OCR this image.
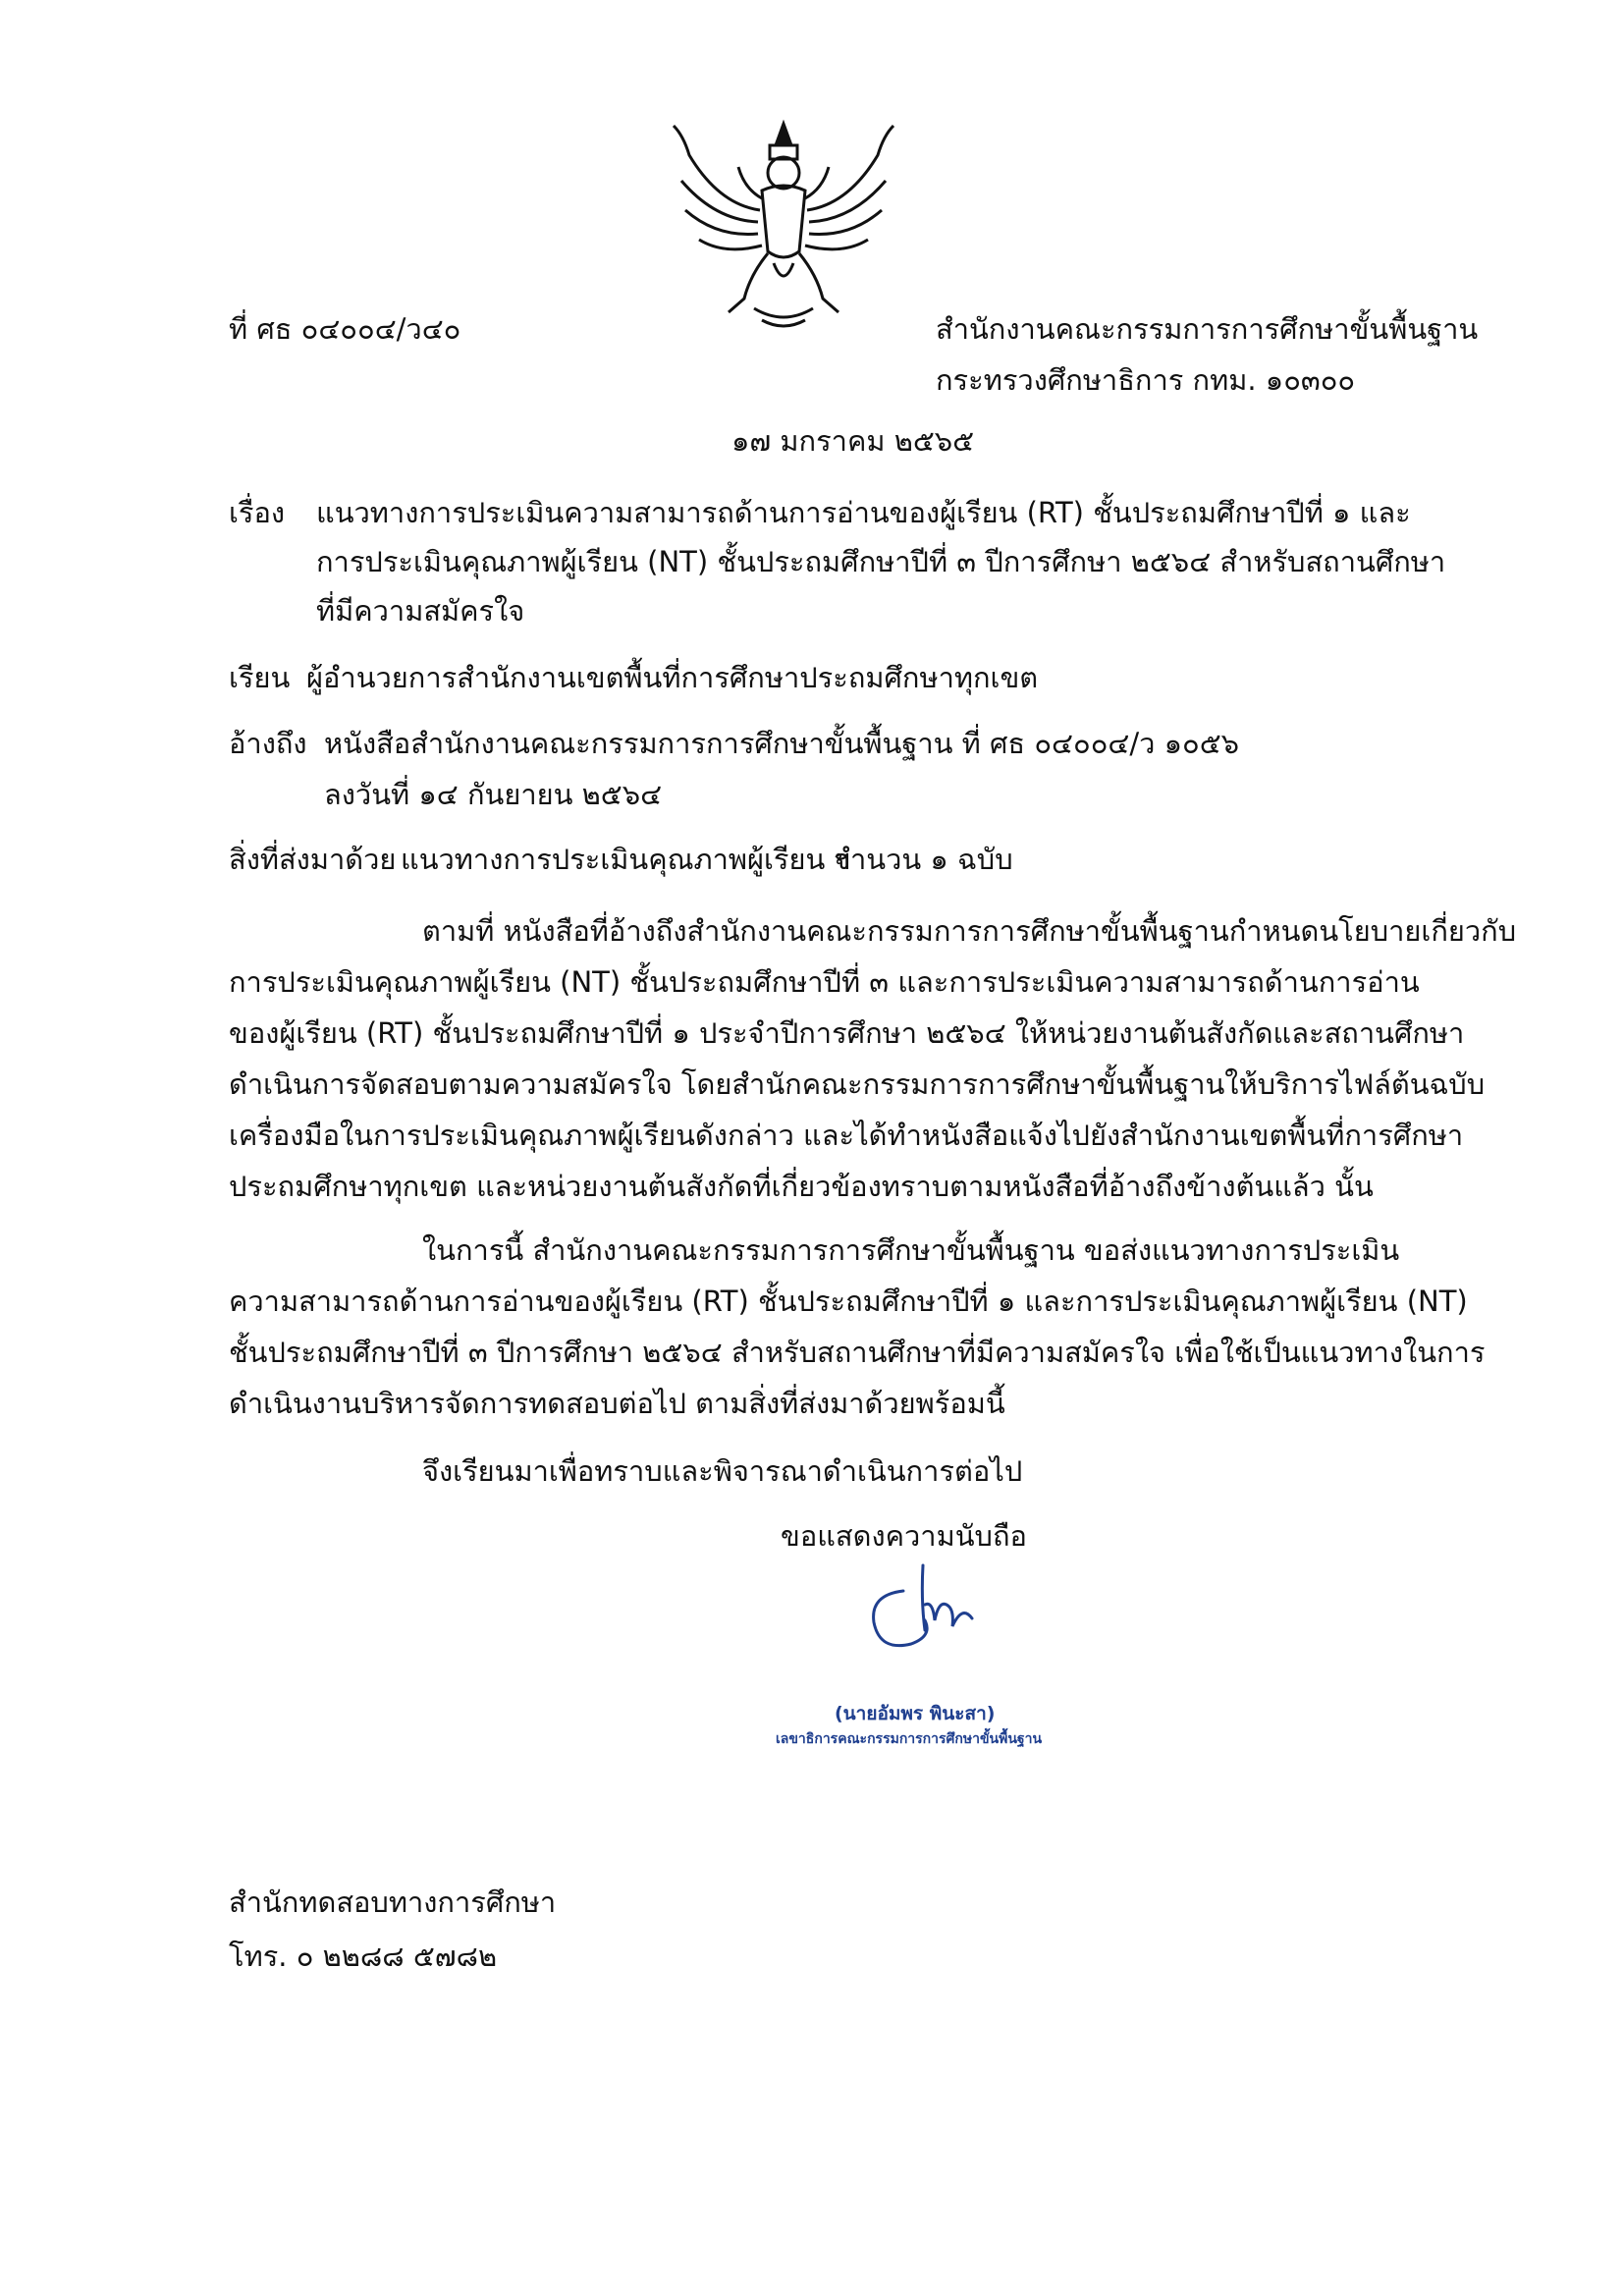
ที่ ศธ ๐๔๐๐๔/ว๔๐	สำนักงานคณะกรรมการการศึกษาขั้นพื้นฐาน
กระทรวงศึกษาธิการ กทม. ๑๐๓๐๐
๑๗ มกราคม ๒๕๖๕
เรื่อง แนวทางการประเมินความสามารถด้านการอ่านของผู้เรียน (RT) ชั้นประถมศึกษาปีที่ ๑ และ
การประเมินคุณภาพผู้เรียน (NT) ชั้นประถมศึกษาปีที่ ๓ ปีการศึกษา ๒๕๖๔ สำหรับสถานศึกษา
ที่มีความสมัครใจ
เรียน ผู้อำนวยการสำนักงานเขตพื้นที่การศึกษาประถมศึกษาทุกเขต
อ้างถึง หนังสือสำนักงานคณะกรรมการการศึกษาขั้นพื้นฐาน ที่ ศธ ๐๔๐๐๔/ว ๑๐๕๖
ลงวันที่ ๑๔ กันยายน ๒๕๖๔
สิ่งที่ส่งมาด้วย แนวทางการประเมินคุณภาพผู้เรียน ฯ
จำนวน ๑ ฉบับ
ตามที่ หนังสือที่อ้างถึงสำนักงานคณะกรรมการการศึกษาขั้นพื้นฐานกำหนดนโยบายเกี่ยวกับ
การประเมินคุณภาพผู้เรียน (NT) ชั้นประถมศึกษาปีที่ ๓ และการประเมินความสามารถด้านการอ่าน
ของผู้เรียน (RT) ชั้นประถมศึกษาปีที่ ๑ ประจำปีการศึกษา ๒๕๖๔ ให้หน่วยงานต้นสังกัดและสถานศึกษา
ดำเนินการจัดสอบตามความสมัครใจ โดยสำนักคณะกรรมการการศึกษาขั้นพื้นฐานให้บริการไฟล์ต้นฉบับ
เครื่องมือในการประเมินคุณภาพผู้เรียนดังกล่าว และได้ทำหนังสือแจ้งไปยังสำนักงานเขตพื้นที่การศึกษา
ประถมศึกษาทุกเขต และหน่วยงานต้นสังกัดที่เกี่ยวข้องทราบตามหนังสือที่อ้างถึงข้างต้นแล้ว นั้น
ในการนี้ สำนักงานคณะกรรมการการศึกษาขั้นพื้นฐาน ขอส่งแนวทางการประเมิน
ความสามารถด้านการอ่านของผู้เรียน (RT) ชั้นประถมศึกษาปีที่ ๑ และการประเมินคุณภาพผู้เรียน (NT)
ชั้นประถมศึกษาปีที่ ๓ ปีการศึกษา ๒๕๖๔ สำหรับสถานศึกษาที่มีความสมัครใจ เพื่อใช้เป็นแนวทางในการ
ดำเนินงานบริหารจัดการทดสอบต่อไป ตามสิ่งที่ส่งมาด้วยพร้อมนี้
จึงเรียนมาเพื่อทราบและพิจารณาดำเนินการต่อไป
ขอแสดงความนับถือ
(นายอัมพร พินะสา)
เลขาธิการคณะกรรมการการศึกษาขั้นพื้นฐาน
สำนักทดสอบทางการศึกษา
โทร. ๐ ๒๒๘๘ ๕๗๘๒
